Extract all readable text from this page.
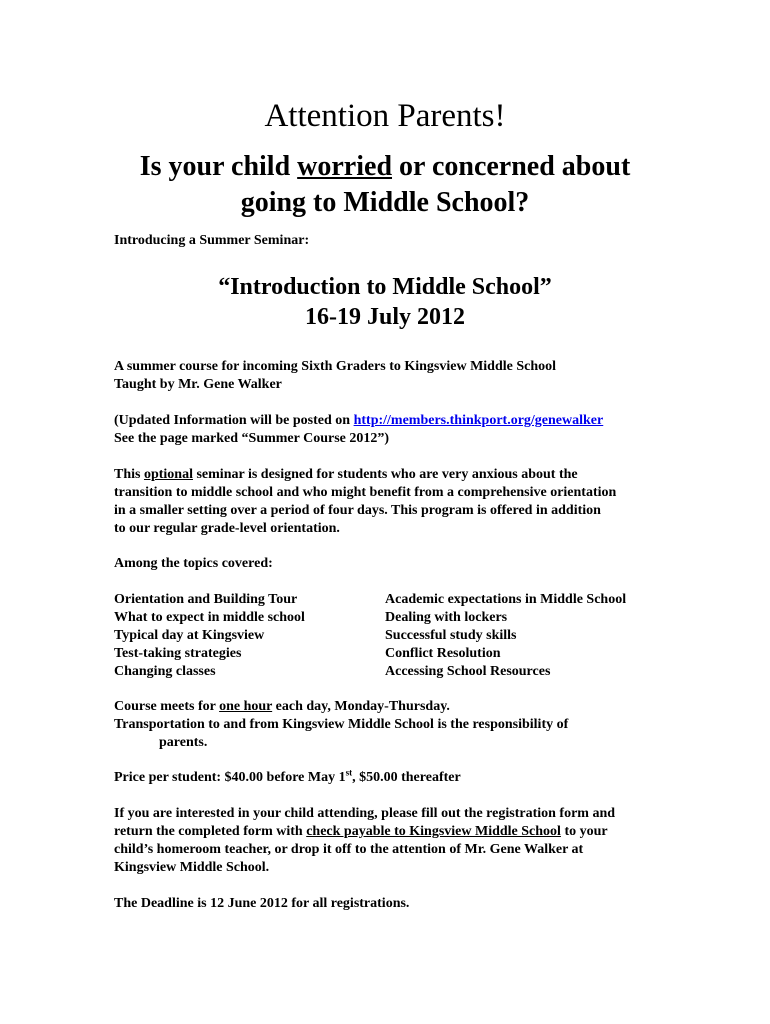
Attention Parents!
Is your child worried or concerned about
going to Middle School?
Introducing a Summer Seminar:
“Introduction to Middle School”
16-19 July 2012
A summer course for incoming Sixth Graders to Kingsview Middle School
Taught by Mr. Gene Walker
(Updated Information will be posted on http://members.thinkport.org/genewalker
See the page marked “Summer Course 2012”)
This optional seminar is designed for students who are very anxious about the
transition to middle school and who might benefit from a comprehensive orientation
in a smaller setting over a period of four days. This program is offered in addition
to our regular grade-level orientation.
Among the topics covered:
Orientation and Building Tour
What to expect in middle school
Typical day at Kingsview
Test-taking strategies
Changing classes
Academic expectations in Middle School
Dealing with lockers
Successful study skills
Conflict Resolution
Accessing School Resources
Course meets for one hour each day, Monday-Thursday.
Transportation to and from Kingsview Middle School is the responsibility of
parents.
Price per student: $40.00 before May 1st, $50.00 thereafter
If you are interested in your child attending, please fill out the registration form and
return the completed form with check payable to Kingsview Middle School to your
child’s homeroom teacher, or drop it off to the attention of Mr. Gene Walker at
Kingsview Middle School.
The Deadline is 12 June 2012 for all registrations.
